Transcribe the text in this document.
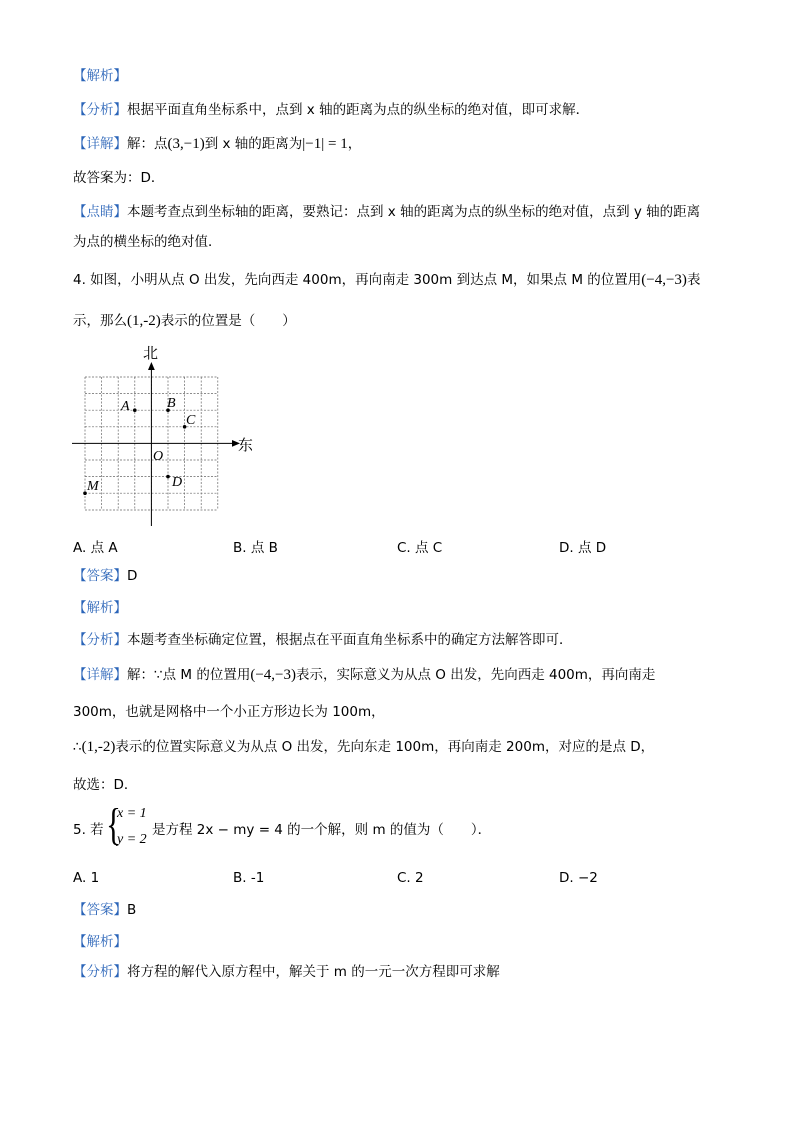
【解析】
【分析】根据平面直角坐标系中，点到 x 轴的距离为点的纵坐标的绝对值，即可求解．
【详解】解：点(3,−1)到 x 轴的距离为|−1| = 1，
故答案为：D．
【点睛】本题考查点到坐标轴的距离，要熟记：点到 x 轴的距离为点的纵坐标的绝对值，点到 y 轴的距离
为点的横坐标的绝对值．
4. 如图，小明从点 O 出发，先向西走 400m，再向南走 300m 到达点 M，如果点 M 的位置用(−4,−3)表
示，那么(1,-2)表示的位置是（　　）
北
东
A	B
C
D
M
O
A. 点 A	B. 点 B	C. 点 C	D. 点 D
【答案】D
【解析】
【分析】本题考查坐标确定位置，根据点在平面直角坐标系中的确定方法解答即可．
【详解】解：∵点 M 的位置用(−4,−3)表示，实际意义为从点 O 出发，先向西走 400m，再向南走
300m，也就是网格中一个小正方形边长为 100m，
∴(1,-2)表示的位置实际意义为从点 O 出发，先向东走 100m，再向南走 200m，对应的是点 D，
故选：D．
5. 若 {
x = 1
y = 2
是方程 2x − my = 4 的一个解，则 m 的值为（　　）．
A. 1	B. -1	C. 2	D. −2
【答案】B
【解析】
【分析】将方程的解代入原方程中，解关于 m 的一元一次方程即可求解
